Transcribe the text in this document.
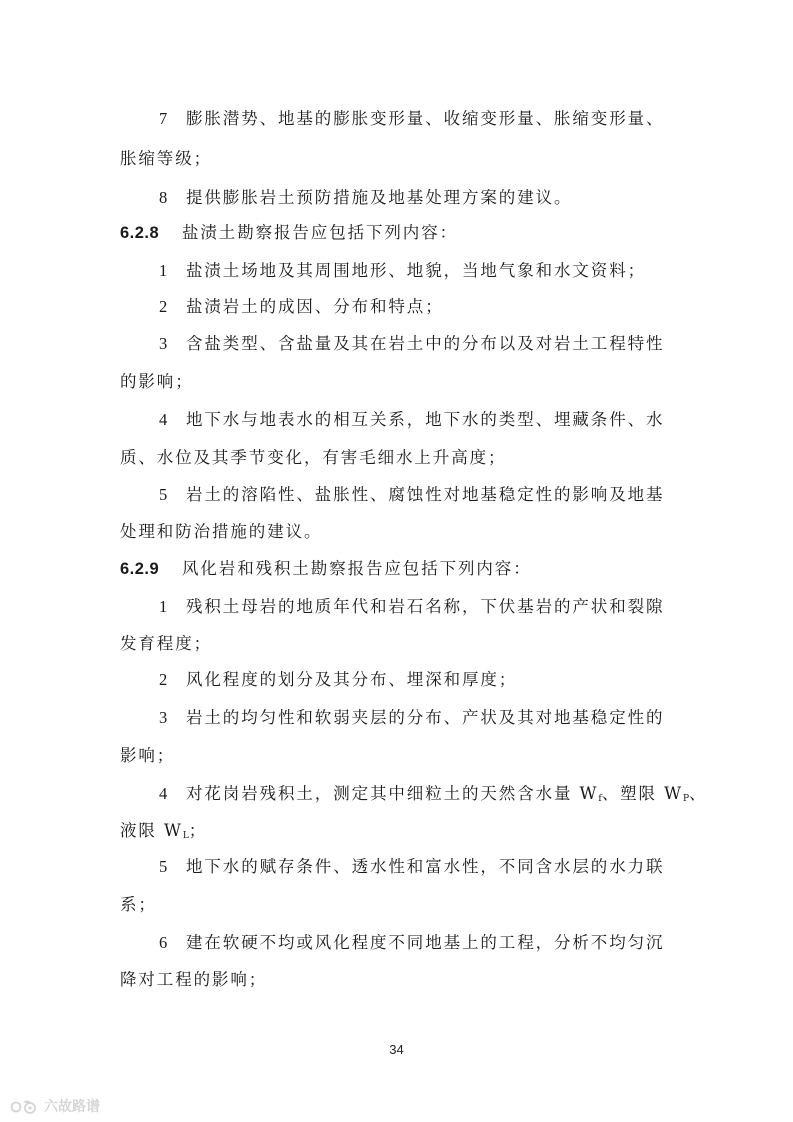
7 膨胀潜势、地基的膨胀变形量、收缩变形量、胀缩变形量、
胀缩等级；
8 提供膨胀岩土预防措施及地基处理方案的建议。
6.2.8 盐渍土勘察报告应包括下列内容：
1 盐渍土场地及其周围地形、地貌，当地气象和水文资料；
2 盐渍岩土的成因、分布和特点；
3 含盐类型、含盐量及其在岩土中的分布以及对岩土工程特性
的影响；
4 地下水与地表水的相互关系，地下水的类型、埋藏条件、水
质、水位及其季节变化，有害毛细水上升高度；
5 岩土的溶陷性、盐胀性、腐蚀性对地基稳定性的影响及地基
处理和防治措施的建议。
6.2.9 风化岩和残积土勘察报告应包括下列内容：
1 残积土母岩的地质年代和岩石名称，下伏基岩的产状和裂隙
发育程度；
2 风化程度的划分及其分布、埋深和厚度；
3 岩土的均匀性和软弱夹层的分布、产状及其对地基稳定性的
影响；
4 对花岗岩残积土，测定其中细粒土的天然含水量 $W_f$、塑限 $W_P$、
液限 $W_L$；
5 地下水的赋存条件、透水性和富水性，不同含水层的水力联
系；
6 建在软硬不均或风化程度不同地基上的工程，分析不均匀沉
降对工程的影响；
34
六故路谱
